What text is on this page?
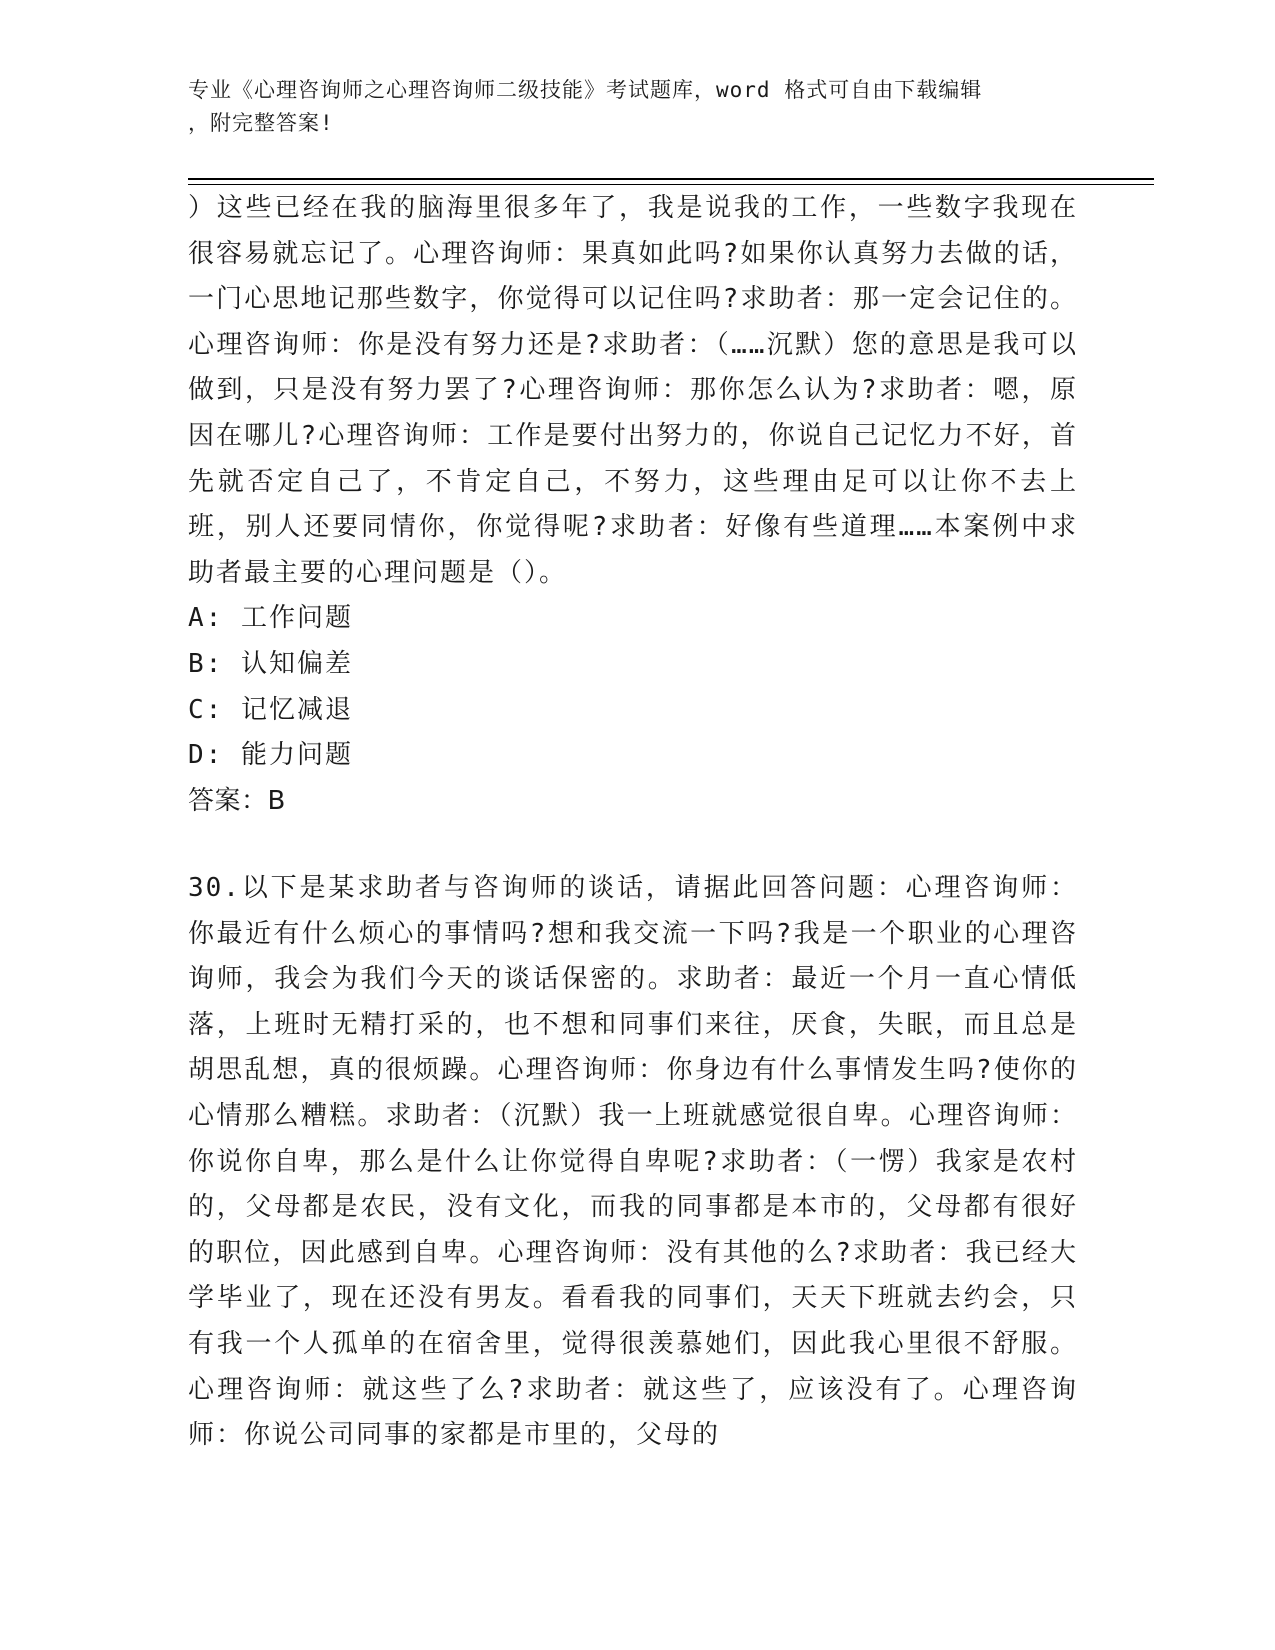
专业《心理咨询师之心理咨询师二级技能》考试题库，word 格式可自由下载编辑
，附完整答案!

）这些已经在我的脑海里很多年了，我是说我的工作，一些数字我现在很容易就忘记了。心理咨询师：果真如此吗?如果你认真努力去做的话，一门心思地记那些数字，你觉得可以记住吗?求助者：那一定会记住的。心理咨询师：你是没有努力还是?求助者：（……沉默）您的意思是我可以做到，只是没有努力罢了?心理咨询师：那你怎么认为?求助者：嗯，原因在哪儿?心理咨询师：工作是要付出努力的，你说自己记忆力不好，首先就否定自己了，不肯定自己，不努力，这些理由足可以让你不去上班，别人还要同情你，你觉得呢?求助者：好像有些道理……本案例中求助者最主要的心理问题是（）。

A: 工作问题

B: 认知偏差

C: 记忆减退

D: 能力问题

答案：B

30.以下是某求助者与咨询师的谈话，请据此回答问题：心理咨询师：你最近有什么烦心的事情吗?想和我交流一下吗?我是一个职业的心理咨询师，我会为我们今天的谈话保密的。求助者：最近一个月一直心情低落，上班时无精打采的，也不想和同事们来往，厌食，失眠，而且总是胡思乱想，真的很烦躁。心理咨询师：你身边有什么事情发生吗?使你的心情那么糟糕。求助者：（沉默）我一上班就感觉很自卑。心理咨询师：你说你自卑，那么是什么让你觉得自卑呢?求助者：（一愣）我家是农村的，父母都是农民，没有文化，而我的同事都是本市的，父母都有很好的职位，因此感到自卑。心理咨询师：没有其他的么?求助者：我已经大学毕业了，现在还没有男友。看看我的同事们，天天下班就去约会，只有我一个人孤单的在宿舍里，觉得很羡慕她们，因此我心里很不舒服。心理咨询师：就这些了么?求助者：就这些了，应该没有了。心理咨询师：你说公司同事的家都是市里的，父母的
